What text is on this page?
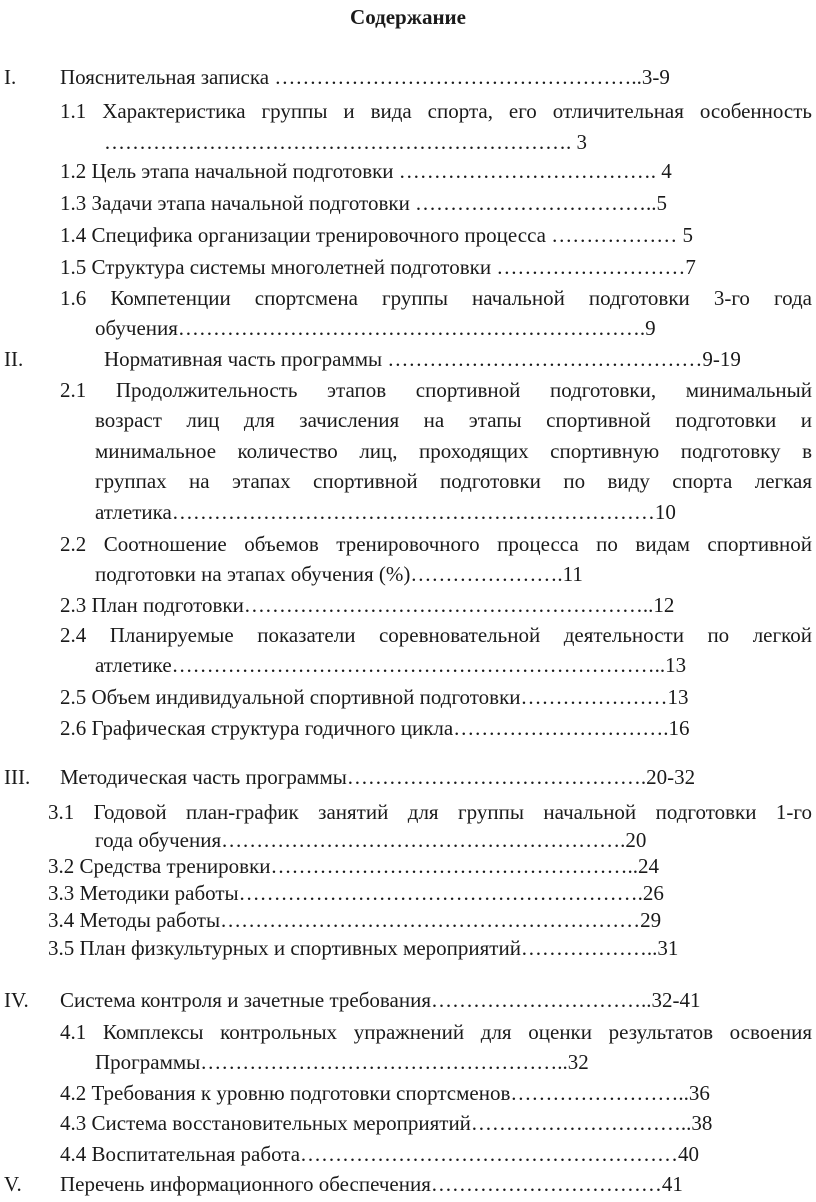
Содержание
I. Пояснительная записка ……………………………………………..3-9
1.1 Характеристика группы и вида спорта, его отличительная особенность
…………………………………………………………. 3
1.2 Цель этапа начальной подготовки ………………………………. 4
1.3 Задачи этапа начальной подготовки ……………………………..5
1.4 Специфика организации тренировочного процесса ……………… 5
1.5 Структура системы многолетней подготовки ………………………7
1.6 Компетенции спортсмена группы начальной подготовки 3-го года
обучения………………………………………………………….9
II.	Нормативная часть программы ………………………………………9-19
2.1 Продолжительность этапов спортивной подготовки, минимальный
возраст лиц для зачисления на этапы спортивной подготовки и
минимальное количество лиц, проходящих спортивную подготовку в
группах на этапах спортивной подготовки по виду спорта легкая
атлетика……………………………………………………………10
2.2 Соотношение объемов тренировочного процесса по видам спортивной
подготовки на этапах обучения (%)………………….11
2.3 План подготовки…………………………………………………..12
2.4 Планируемые показатели соревновательной деятельности по легкой
атлетике……………………………………………………………..13
2.5 Объем индивидуальной спортивной подготовки…………………13
2.6 Графическая структура годичного цикла………………………….16
III. Методическая часть программы…………………………………….20-32
3.1 Годовой план-график занятий для группы начальной подготовки 1-го
года обучения………………………………………………….20
3.2 Средства тренировки……………………………………………..24
3.3 Методики работы………………………………………………….26
3.4 Методы работы……………………………………………………29
3.5 План физкультурных и спортивных мероприятий………………..31
IV. Система контроля и зачетные требования…………………………..32-41
4.1 Комплексы контрольных упражнений для оценки результатов освоения
Программы……………………………………………..32
4.2 Требования к уровню подготовки спортсменов……………………..36
4.3 Система восстановительных мероприятий…………………………..38
4.4 Воспитательная работа………………………………………………40
V. Перечень информационного обеспечения……………………………41
